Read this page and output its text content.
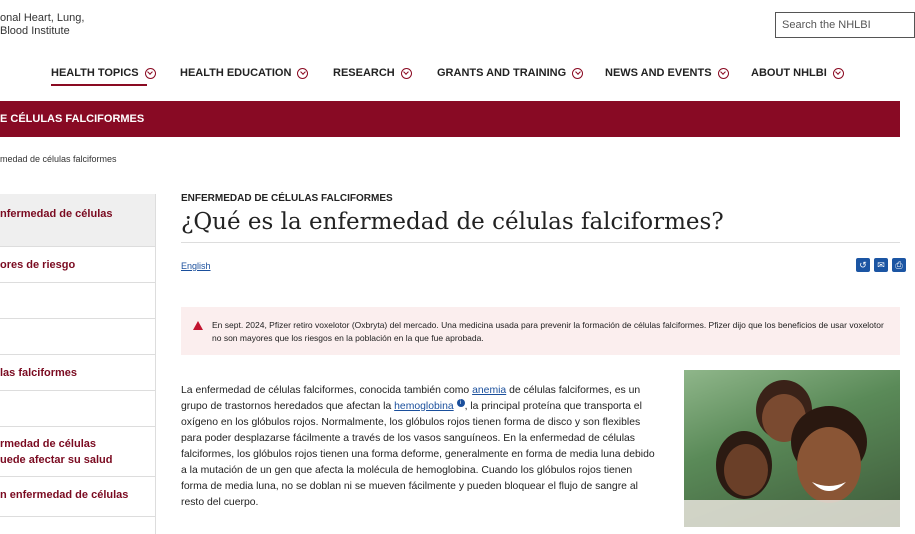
onal Heart, Lung,
Blood Institute	Search the NHLBI
HEALTH TOPICS	HEALTH EDUCATION	RESEARCH	GRANTS AND TRAINING	NEWS AND EVENTS	ABOUT NHLBI
E CÉLULAS FALCIFORMES
medad de células falciformes
nfermedad de células
ores de riesgo
las falciformes
rmedad de células
uede afectar su salud
n enfermedad de células
ENFERMEDAD DE CÉLULAS FALCIFORMES
¿Qué es la enfermedad de células falciformes?
English	↺	✉	⎙
En sept. 2024, Pfizer retiro voxelotor (Oxbryta) del mercado. Una medicina usada para prevenir la formación de células falciformes. Pfizer dijo que los beneficios de usar voxelotor no son mayores que los riesgos en la población en la que fue aprobada.
La enfermedad de células falciformes, conocida también como anemia de células falciformes, es un grupo de trastornos heredados que afectan la hemoglobina i , la principal proteína que transporta el oxígeno en los glóbulos rojos. Normalmente, los glóbulos rojos tienen forma de disco y son flexibles para poder desplazarse fácilmente a través de los vasos sanguíneos. En la enfermedad de células falciformes, los glóbulos rojos tienen una forma deforme, generalmente en forma de media luna debido a la mutación de un gen que afecta la molécula de hemoglobina. Cuando los glóbulos rojos tienen forma de media luna, no se doblan ni se mueven fácilmente y pueden bloquear el flujo de sangre al resto del cuerpo.
